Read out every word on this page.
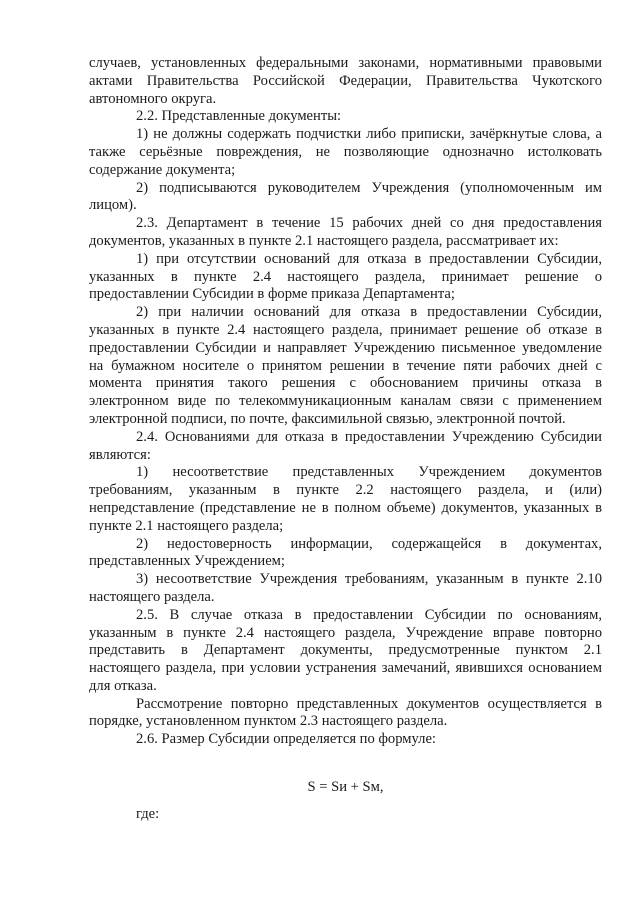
случаев, установленных федеральными законами, нормативными правовыми актами Правительства Российской Федерации, Правительства Чукотского автономного округа.

2.2. Представленные документы:

1) не должны содержать подчистки либо приписки, зачёркнутые слова, а также серьёзные повреждения, не позволяющие однозначно истолковать содержание документа;

2) подписываются руководителем Учреждения (уполномоченным им лицом).

2.3. Департамент в течение 15 рабочих дней со дня предоставления документов, указанных в пункте 2.1 настоящего раздела, рассматривает их:

1) при отсутствии оснований для отказа в предоставлении Субсидии, указанных в пункте 2.4 настоящего раздела, принимает решение о предоставлении Субсидии в форме приказа Департамента;

2) при наличии оснований для отказа в предоставлении Субсидии, указанных в пункте 2.4 настоящего раздела, принимает решение об отказе в предоставлении Субсидии и направляет Учреждению письменное уведомление на бумажном носителе о принятом решении в течение пяти рабочих дней с момента принятия такого решения с обоснованием причины отказа в электронном виде по телекоммуникационным каналам связи с применением электронной подписи, по почте, факсимильной связью, электронной почтой.

2.4. Основаниями для отказа в предоставлении Учреждению Субсидии являются:

1) несоответствие представленных Учреждением документов требованиям, указанным в пункте 2.2 настоящего раздела, и (или) непредставление (представление не в полном объеме) документов, указанных в пункте 2.1 настоящего раздела;

2) недостоверность информации, содержащейся в документах, представленных Учреждением;

3) несоответствие Учреждения требованиям, указанным в пункте 2.10 настоящего раздела.

2.5. В случае отказа в предоставлении Субсидии по основаниям, указанным в пункте 2.4 настоящего раздела, Учреждение вправе повторно представить в Департамент документы, предусмотренные пунктом 2.1 настоящего раздела, при условии устранения замечаний, явившихся основанием для отказа.

Рассмотрение повторно представленных документов осуществляется в порядке, установленном пунктом 2.3 настоящего раздела.

2.6. Размер Субсидии определяется по формуле:

S = Sи + Sм,

где:
